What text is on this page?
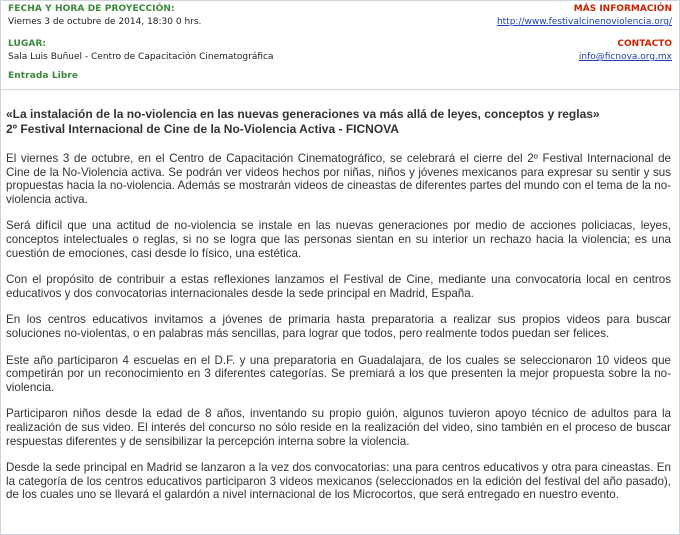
FECHA Y HORA DE PROYECCIÓN:
Viernes 3 de octubre de 2014, 18:30 0 hrs.
LUGAR:
Sala Luis Buñuel - Centro de Capacitación Cinematográfica
Entrada Libre
MÁS INFORMACIÓN
http://www.festivalcinenoviolencia.org/
CONTACTO
info@ficnova.org.mx
«La instalación de la no-violencia en las nuevas generaciones va más allá de leyes, conceptos y reglas»
2º Festival Internacional de Cine de la No-Violencia Activa - FICNOVA

El viernes 3 de octubre, en el Centro de Capacitación Cinematográfico, se celebrará el cierre del 2º Festival Internacional de Cine de la No-Violencia activa. Se podrán ver videos hechos por niñas, niños y jóvenes mexicanos para expresar su sentir y sus propuestas hacia la no-violencia. Además se mostrarán videos de cineastas de diferentes partes del mundo con el tema de la no-violencia activa.

Será difícil que una actitud de no-violencia se instale en las nuevas generaciones por medio de acciones policiacas, leyes, conceptos intelectuales o reglas, si no se logra que las personas sientan en su interior un rechazo hacia la violencia; es una cuestión de emociones, casi desde lo físico, una estética.

Con el propósito de contribuir a estas reflexiones lanzamos el Festival de Cine, mediante una convocatoria local en centros educativos y dos convocatorias internacionales desde la sede principal en Madrid, España.

En los centros educativos invitamos a jóvenes de primaria hasta preparatoria a realizar sus propios videos para buscar soluciones no-violentas, o en palabras más sencillas, para lograr que todos, pero realmente todos puedan ser felices.

Este año participaron 4 escuelas en el D.F. y una preparatoria en Guadalajara, de los cuales se seleccionaron 10 videos que competirán por un reconocimiento en 3 diferentes categorías. Se premiará a los que presenten la mejor propuesta sobre la no-violencia.

Participaron niños desde la edad de 8 años, inventando su propio guión, algunos tuvieron apoyo técnico de adultos para la realización de sus video. El interés del concurso no sólo reside en la realización del video, sino también en el proceso de buscar respuestas diferentes y de sensibilizar la percepción interna sobre la violencia.

Desde la sede principal en Madrid se lanzaron a la vez dos convocatorias: una para centros educativos y otra para cineastas. En la categoría de los centros educativos participaron 3 videos mexicanos (seleccionados en la edición del festival del año pasado), de los cuales uno se llevará el galardón a nivel internacional de los Microcortos, que será entregado en nuestro evento.
